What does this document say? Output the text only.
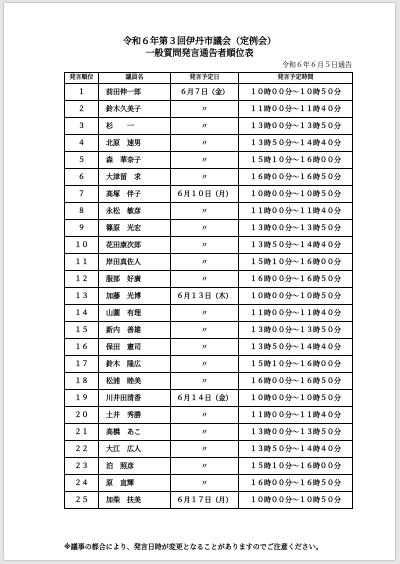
令和６年第３回伊丹市議会（定例会）
一般質問発言通告者順位表
令和６年６月５日通告
発言順位	議員名	発言予定日	発言予定時間
１	前田伸一郎	６月７日（金）	１０時００分～１０時５０分
２	鈴木久美子	〃	１１時００分～１１時４０分
３	杉　　一	〃	１３時００分～１３時５０分
４	北原　速男	〃	１３時５０分～１４時４０分
５	森　華奈子	〃	１５時１０分～１６時００分
６	大津留　求	〃	１６時００分～１６時５０分
７	高塚　伴子	６月１０日（月）	１０時００分～１０時５０分
８	永松　敏彦	〃	１１時００分～１１時４０分
９	篠原　光宏	〃	１３時００分～１３時５０分
１０	花田康次郎	〃	１３時５０分～１４時４０分
１１	岸田真佐人	〃	１５時１０分～１６時００分
１２	服部　好廣	〃	１６時００分～１６時５０分
１３	加藤　光博	６月１３日（木）	１０時００分～１０時５０分
１４	山薗　有理	〃	１１時００分～１１時４０分
１５	新内　善雄	〃	１３時００分～１３時５０分
１６	保田　憲司	〃	１３時５０分～１４時４０分
１７	鈴木　隆広	〃	１５時１０分～１６時００分
１８	松浦　睦美	〃	１６時００分～１６時５０分
１９	川井田清香	６月１４日（金）	１０時００分～１０時５０分
２０	土井　秀勝	〃	１１時００分～１１時４０分
２１	高橋　あこ	〃	１３時００分～１３時５０分
２２	大江　広人	〃	１３時５０分～１４時４０分
２３	泊　照彦	〃	１５時１０分～１６時００分
２４	原　直輝	〃	１６時００分～１６時５０分
２５	加柴　扶美	６月１７日（月）	１０時００分～１０時５０分
※議事の都合により、発言日時が変更となることがありますのでご注意ください。
